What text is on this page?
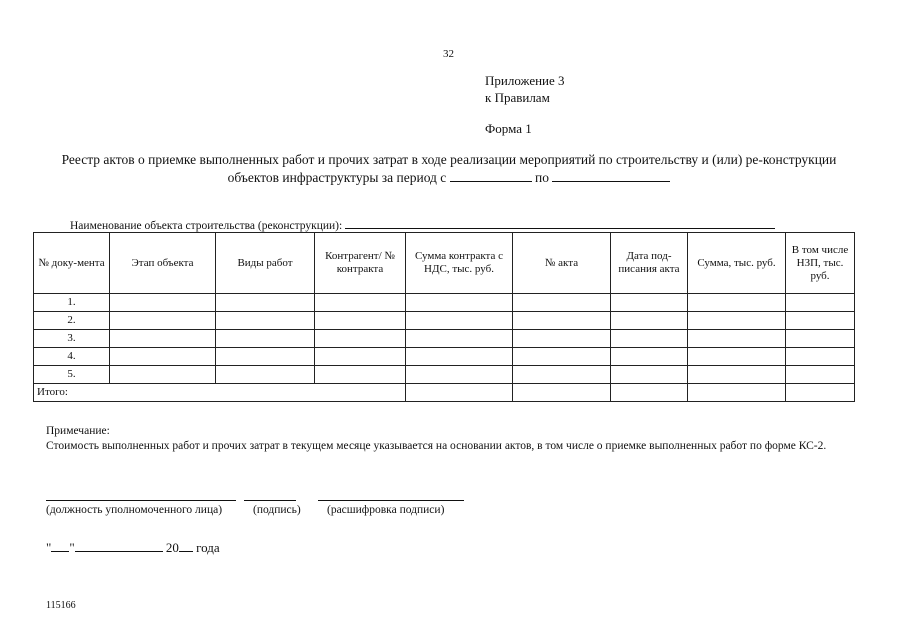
32
Приложение 3
к Правилам
Форма 1
Реестр актов о приемке выполненных работ и прочих затрат в ходе реализации мероприятий по строительству и (или) ре-конструкции объектов инфраструктуры за период с	по
Наименование объекта строительства (реконструкции):
№ доку-мента	Этап объекта	Виды работ	Контрагент/ № контракта	Сумма контракта с НДС, тыс. руб.	№ акта	Дата под-писания акта	Сумма, тыс. руб.	В том числе НЗП, тыс. руб.
1.								
2.								
3.								
4.								
5.								
Итого:								
Примечание:
Стоимость выполненных работ и прочих затрат в текущем месяце указывается на основании актов, в том числе о приемке выполненных работ по форме КС-2.
(должность уполномоченного лица)	(подпись) (расшифровка подписи)
" "	20 года
115166
